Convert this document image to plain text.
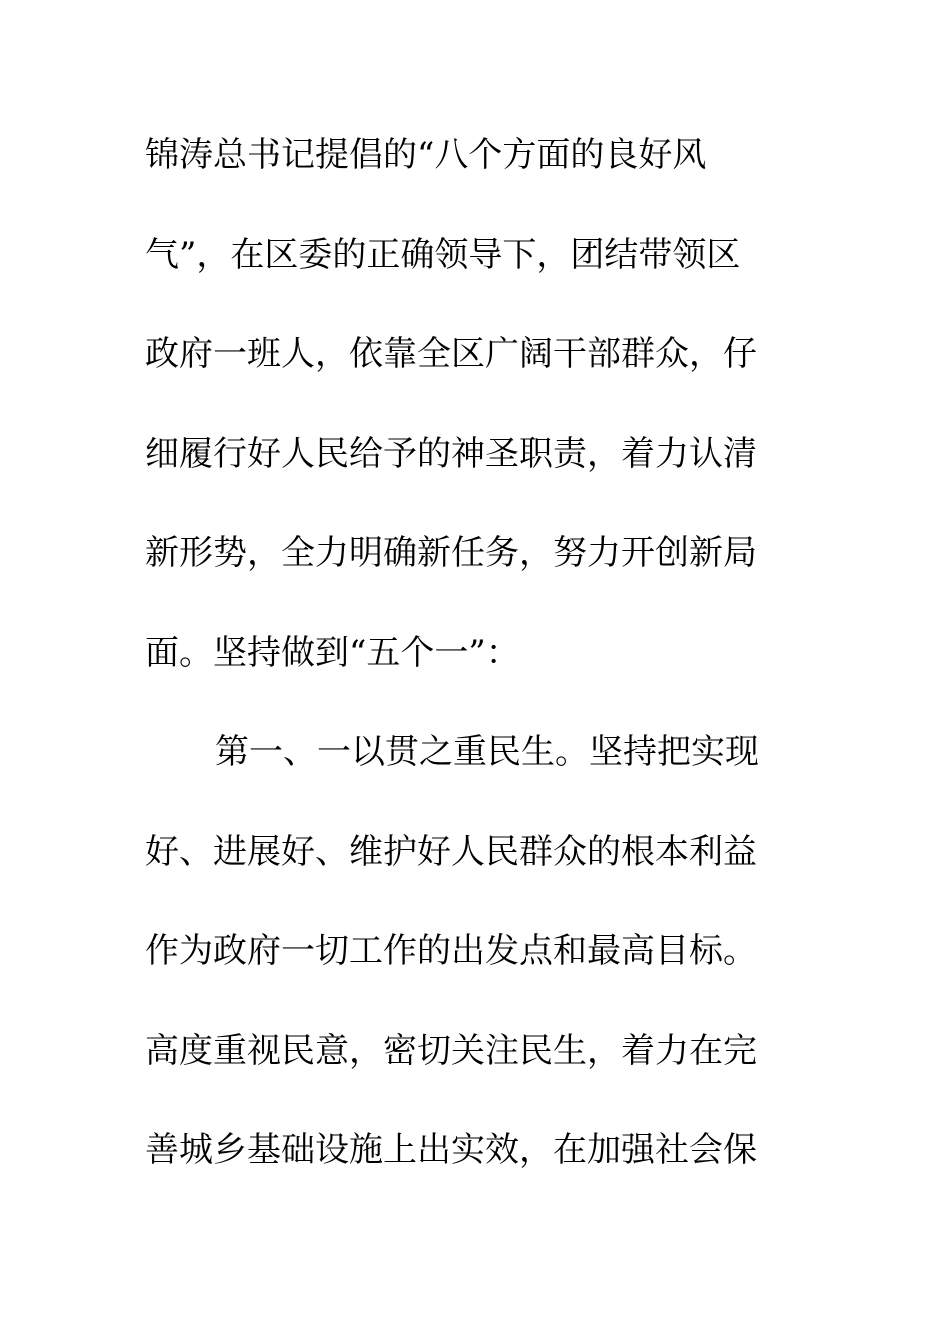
锦涛总书记提倡的“八个方面的良好风
气”，在区委的正确领导下，团结带领区
政府一班人，依靠全区广阔干部群众，仔
细履行好人民给予的神圣职责，着力认清
新形势，全力明确新任务，努力开创新局
面。坚持做到“五个一”：
第一、一以贯之重民生。坚持把实现
好、进展好、维护好人民群众的根本利益
作为政府一切工作的出发点和最高目标。
高度重视民意，密切关注民生，着力在完
善城乡基础设施上出实效，在加强社会保
